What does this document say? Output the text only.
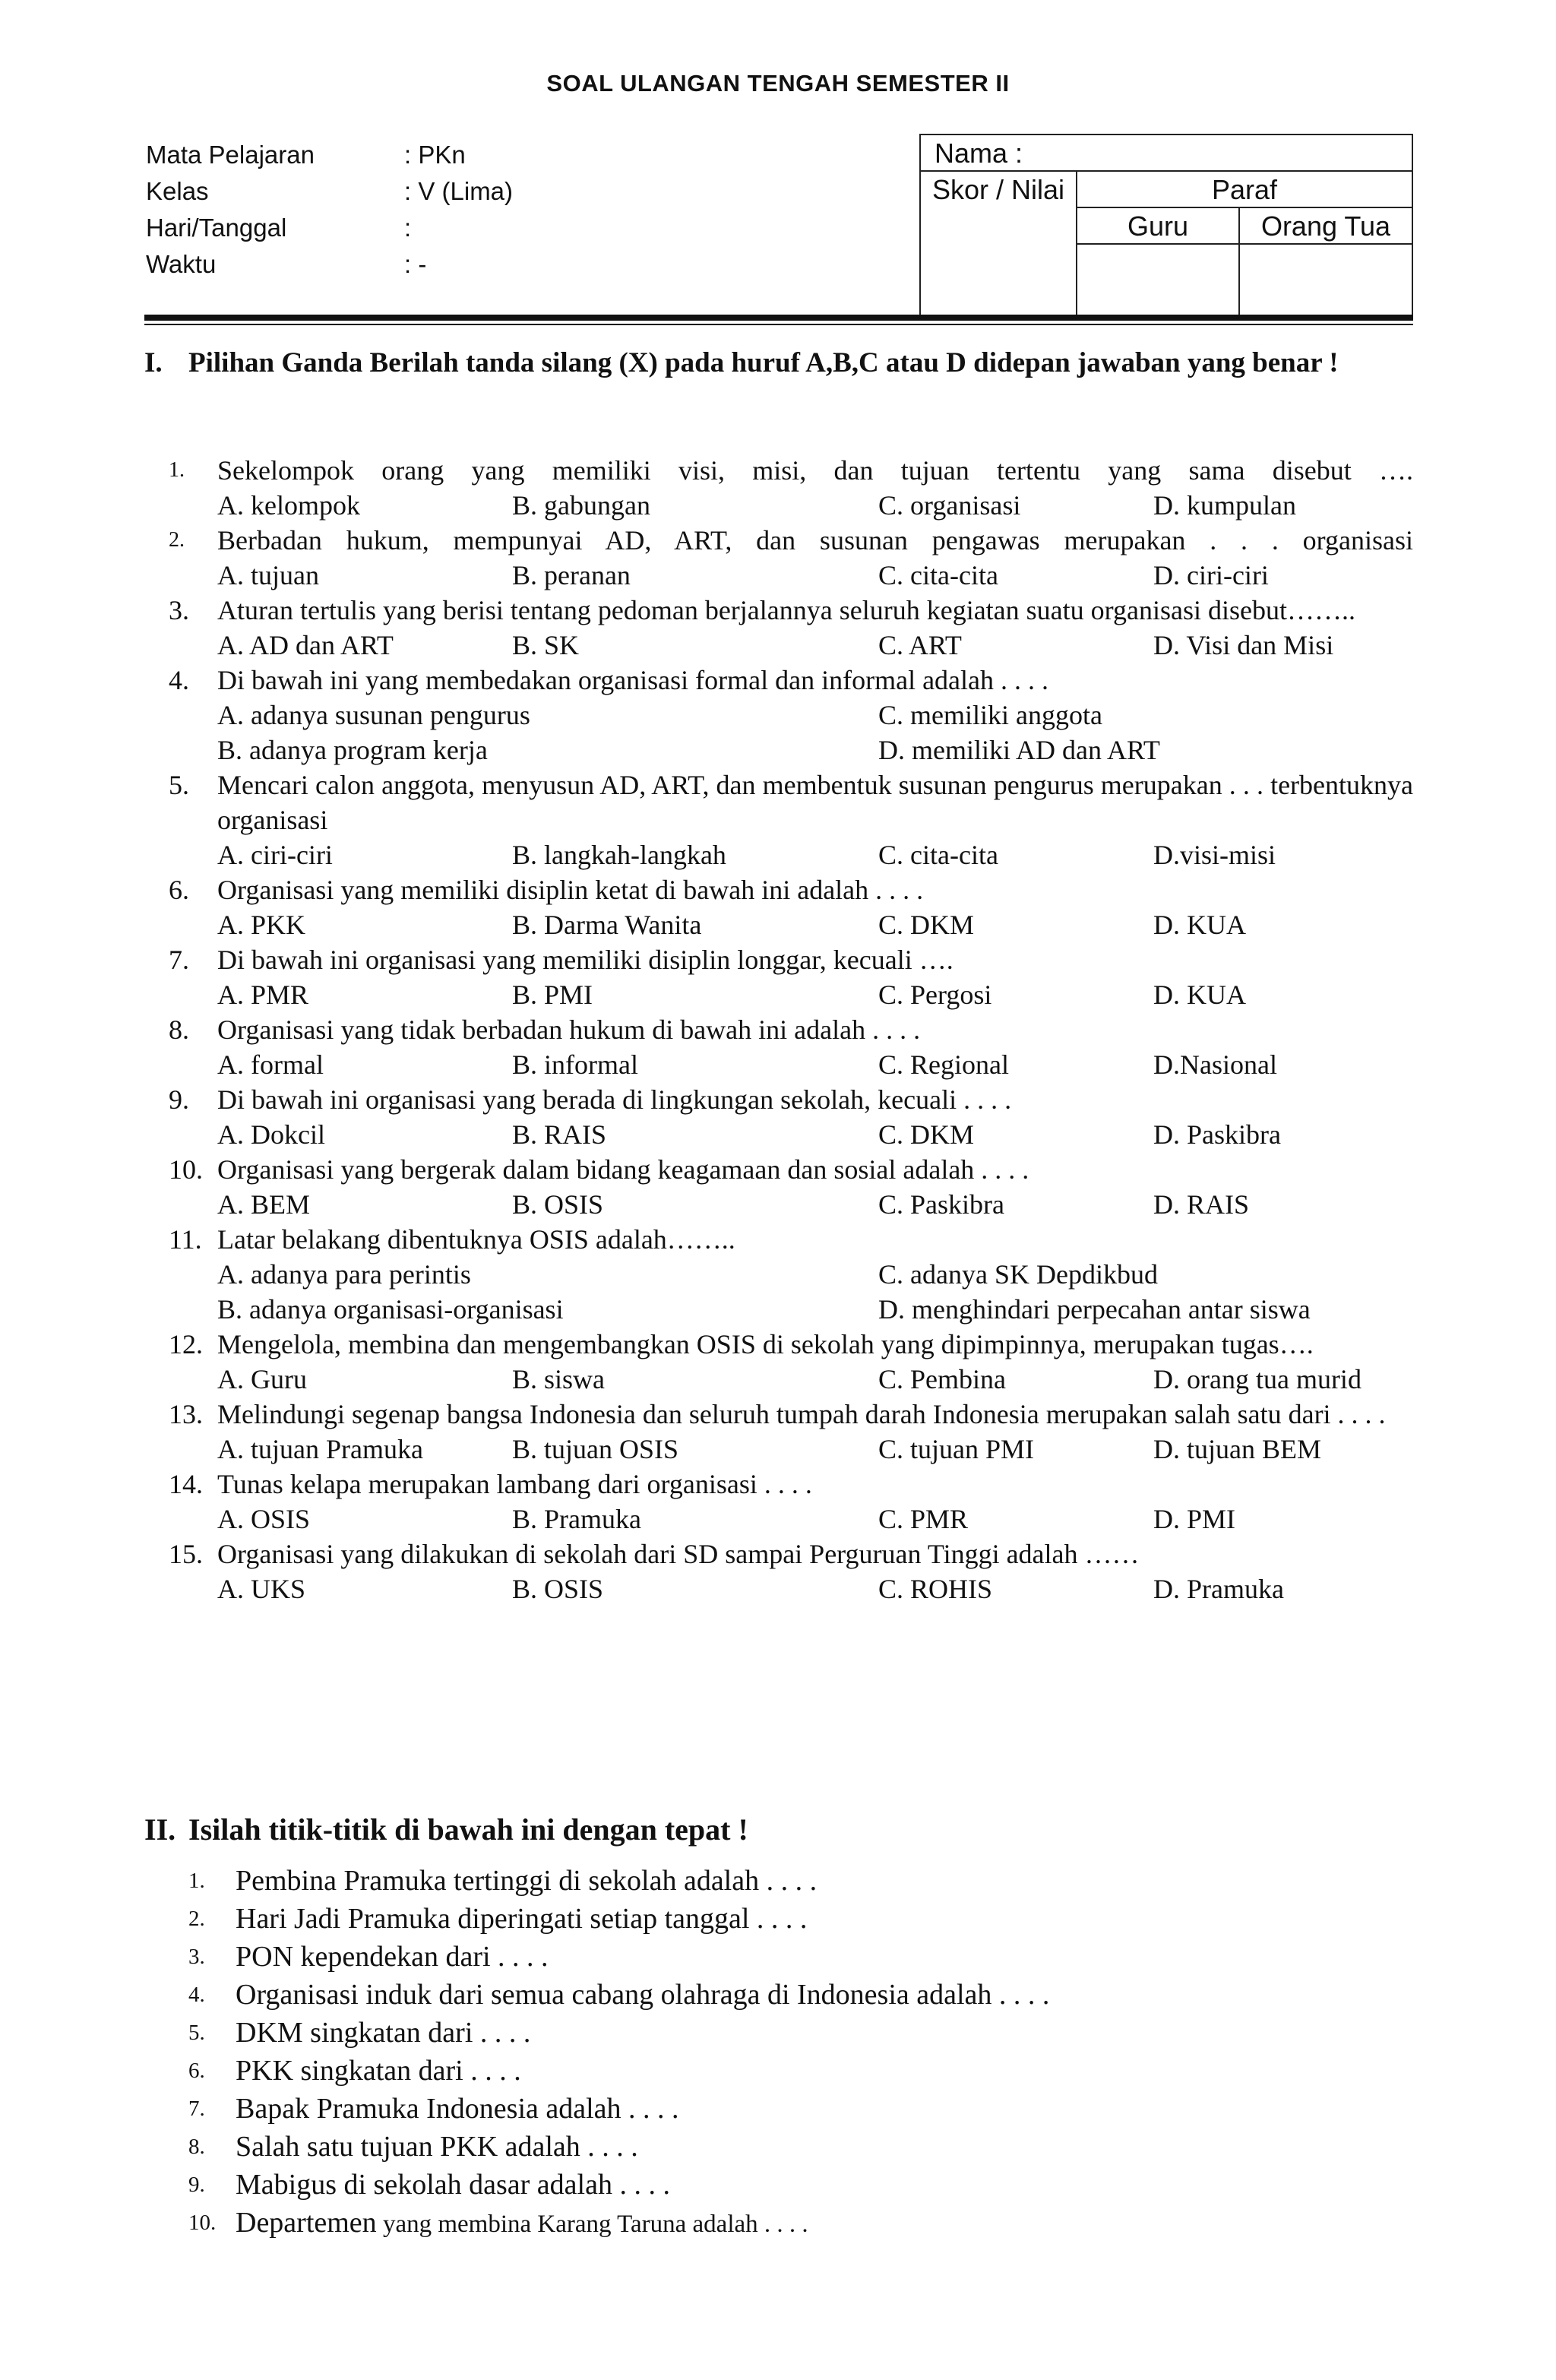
SOAL ULANGAN TENGAH SEMESTER II
Mata Pelajaran	: PKn
Kelas	: V (Lima)
Hari/Tanggal	:
Waktu	: -
Nama :
Skor / Nilai	Paraf
Guru	Orang Tua
I. Pilihan Ganda Berilah tanda silang (X) pada huruf A,B,C atau D didepan jawaban yang benar !
1.	Sekelompok orang yang memiliki visi, misi, dan tujuan tertentu yang sama disebut ….
A. kelompok	B. gabungan	C. organisasi	D. kumpulan
2.	Berbadan hukum, mempunyai AD, ART, dan susunan pengawas merupakan . . . organisasi
A. tujuan	B. peranan	C. cita-cita	D. ciri-ciri
3.	Aturan tertulis yang berisi tentang pedoman berjalannya seluruh kegiatan suatu organisasi disebut……..
A. AD dan ART	B. SK	C. ART	D. Visi dan Misi
4.	Di bawah ini yang membedakan organisasi formal dan informal adalah . . . .
A. adanya susunan pengurus	C. memiliki anggota
B. adanya program kerja	D. memiliki AD dan ART
5.	Mencari calon anggota, menyusun AD, ART, dan membentuk susunan pengurus merupakan . . . terbentuknya organisasi
A. ciri-ciri	B. langkah-langkah	C. cita-cita	D.visi-misi
6.	Organisasi yang memiliki disiplin ketat di bawah ini adalah . . . .
A. PKK	B. Darma Wanita	C. DKM	D. KUA
7.	Di bawah ini organisasi yang memiliki disiplin longgar, kecuali ….
A. PMR	B. PMI	C. Pergosi	D. KUA
8.	Organisasi yang tidak berbadan hukum di bawah ini adalah . . . .
A. formal	B. informal	C. Regional	D.Nasional
9.	Di bawah ini organisasi yang berada di lingkungan sekolah, kecuali . . . .
A. Dokcil	B. RAIS	C. DKM	D. Paskibra
10. Organisasi yang bergerak dalam bidang keagamaan dan sosial adalah . . . .
A. BEM	B. OSIS	C. Paskibra	D. RAIS
11. Latar belakang dibentuknya OSIS adalah……..
A. adanya para perintis	C. adanya SK Depdikbud
B. adanya organisasi-organisasi	D. menghindari perpecahan antar siswa
12. Mengelola, membina dan mengembangkan OSIS di sekolah yang dipimpinnya, merupakan tugas….
A. Guru	B. siswa	C. Pembina	D. orang tua murid
13. Melindungi segenap bangsa Indonesia dan seluruh tumpah darah Indonesia merupakan salah satu dari . . . .
A. tujuan Pramuka	B. tujuan OSIS	C. tujuan PMI	D. tujuan BEM
14. Tunas kelapa merupakan lambang dari organisasi . . . .
A. OSIS	B. Pramuka	C. PMR	D. PMI
15. Organisasi yang dilakukan di sekolah dari SD sampai Perguruan Tinggi adalah ……
A. UKS	B. OSIS	C. ROHIS	D. Pramuka
II. Isilah titik-titik di bawah ini dengan tepat !
1.	Pembina Pramuka tertinggi di sekolah adalah . . . .
2.	Hari Jadi Pramuka diperingati setiap tanggal . . . .
3.	PON kependekan dari . . . .
4.	Organisasi induk dari semua cabang olahraga di Indonesia adalah . . . .
5.	DKM singkatan dari . . . .
6.	PKK singkatan dari . . . .
7.	Bapak Pramuka Indonesia adalah . . . .
8.	Salah satu tujuan PKK adalah . . . .
9.	Mabigus di sekolah dasar adalah . . . .
10. Departemen yang membina Karang Taruna adalah . . . .
